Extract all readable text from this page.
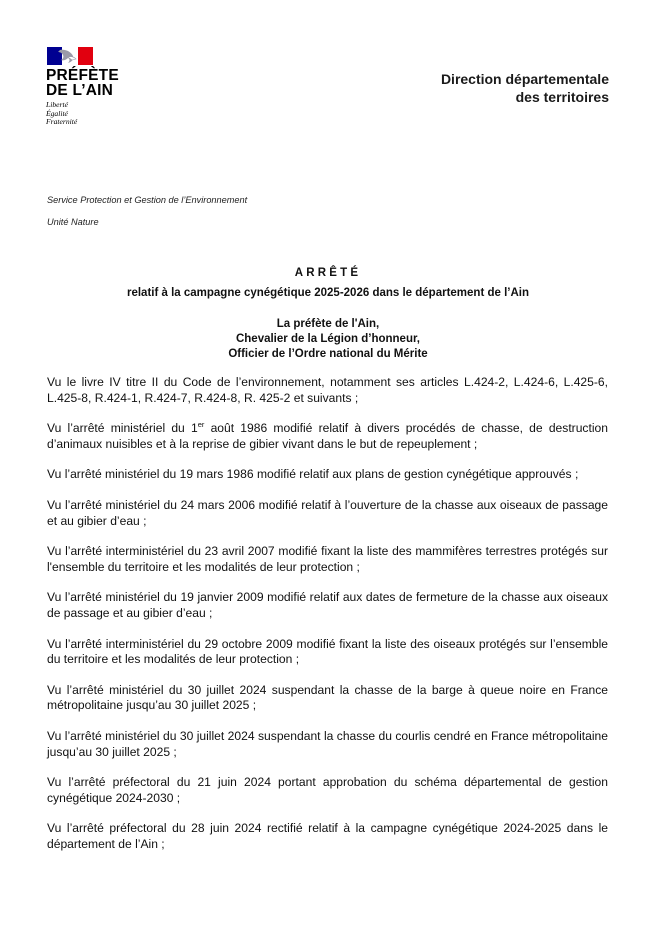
PRÉFÈTE
DE L’AIN
Liberté
Égalité
Fraternité
Direction départementale
des territoires
Service Protection et Gestion de l’Environnement
Unité Nature
ARRÊTÉ
relatif à la campagne cynégétique 2025-2026 dans le département de l’Ain
La préfète de l'Ain,
Chevalier de la Légion d’honneur,
Officier de l’Ordre national du Mérite

Vu le livre IV titre II du Code de l’environnement, notamment ses articles L.424-2, L.424-6, L.425-6, L.425-8, R.424-1, R.424-7, R.424-8, R. 425-2 et suivants ;

Vu l’arrêté ministériel du 1er août 1986 modifié relatif à divers procédés de chasse, de destruction d’animaux nuisibles et à la reprise de gibier vivant dans le but de repeuplement ;

Vu l’arrêté ministériel du 19 mars 1986 modifié relatif aux plans de gestion cynégétique approuvés ;

Vu l’arrêté ministériel du 24 mars 2006 modifié relatif à l’ouverture de la chasse aux oiseaux de passage et au gibier d’eau ;

Vu l’arrêté interministériel du 23 avril 2007 modifié fixant la liste des mammifères terrestres protégés sur l'ensemble du territoire et les modalités de leur protection ;

Vu l’arrêté ministériel du 19 janvier 2009 modifié relatif aux dates de fermeture de la chasse aux oiseaux de passage et au gibier d’eau ;

Vu l’arrêté interministériel du 29 octobre 2009 modifié fixant la liste des oiseaux protégés sur l’ensemble du territoire et les modalités de leur protection ;

Vu l’arrêté ministériel du 30 juillet 2024 suspendant la chasse de la barge à queue noire en France métropolitaine jusqu’au 30 juillet 2025 ;

Vu l’arrêté ministériel du 30 juillet 2024 suspendant la chasse du courlis cendré en France métropolitaine jusqu’au 30 juillet 2025 ;

Vu l’arrêté préfectoral du 21 juin 2024 portant approbation du schéma départemental de gestion cynégétique 2024-2030 ;

Vu l’arrêté préfectoral du 28 juin 2024 rectifié relatif à la campagne cynégétique 2024-2025 dans le département de l’Ain ;
